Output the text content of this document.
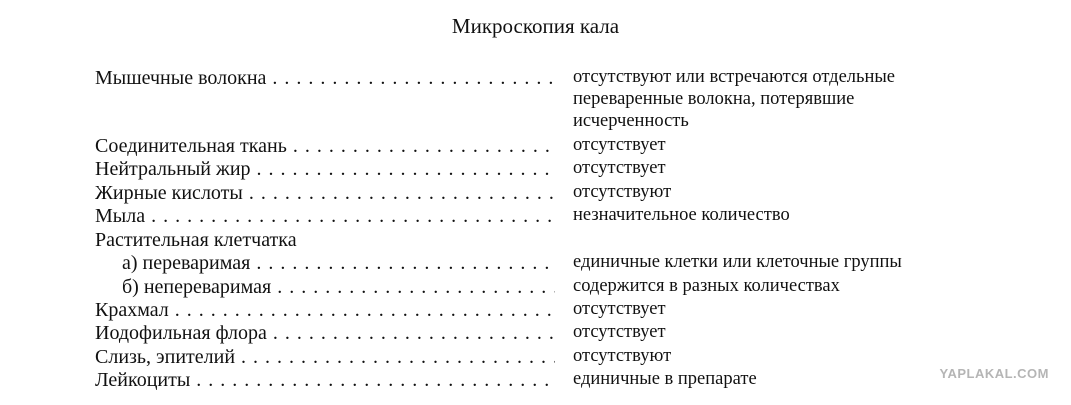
Микроскопия кала
Мышечные волокна . . .	отсутствуют или встречаются отдельные
переваренные волокна, потерявшие
исчерченность
Соединительная ткань . . .	отсутствует
Нейтральный жир . . .	отсутствует
Жирные кислоты . . .	отсутствуют
Мыла . . .	незначительное количество
Растительная клетчатка
а) переваримая . . .	единичные клетки или клеточные группы
б) непереваримая . . .	содержится в разных количествах
Крахмал . . .	отсутствует
Иодофильная флора . . .	отсутствует
Слизь, эпителий . . .	отсутствуют
Лейкоциты . . .	единичные в препарате	YAPLAKAL.COM
